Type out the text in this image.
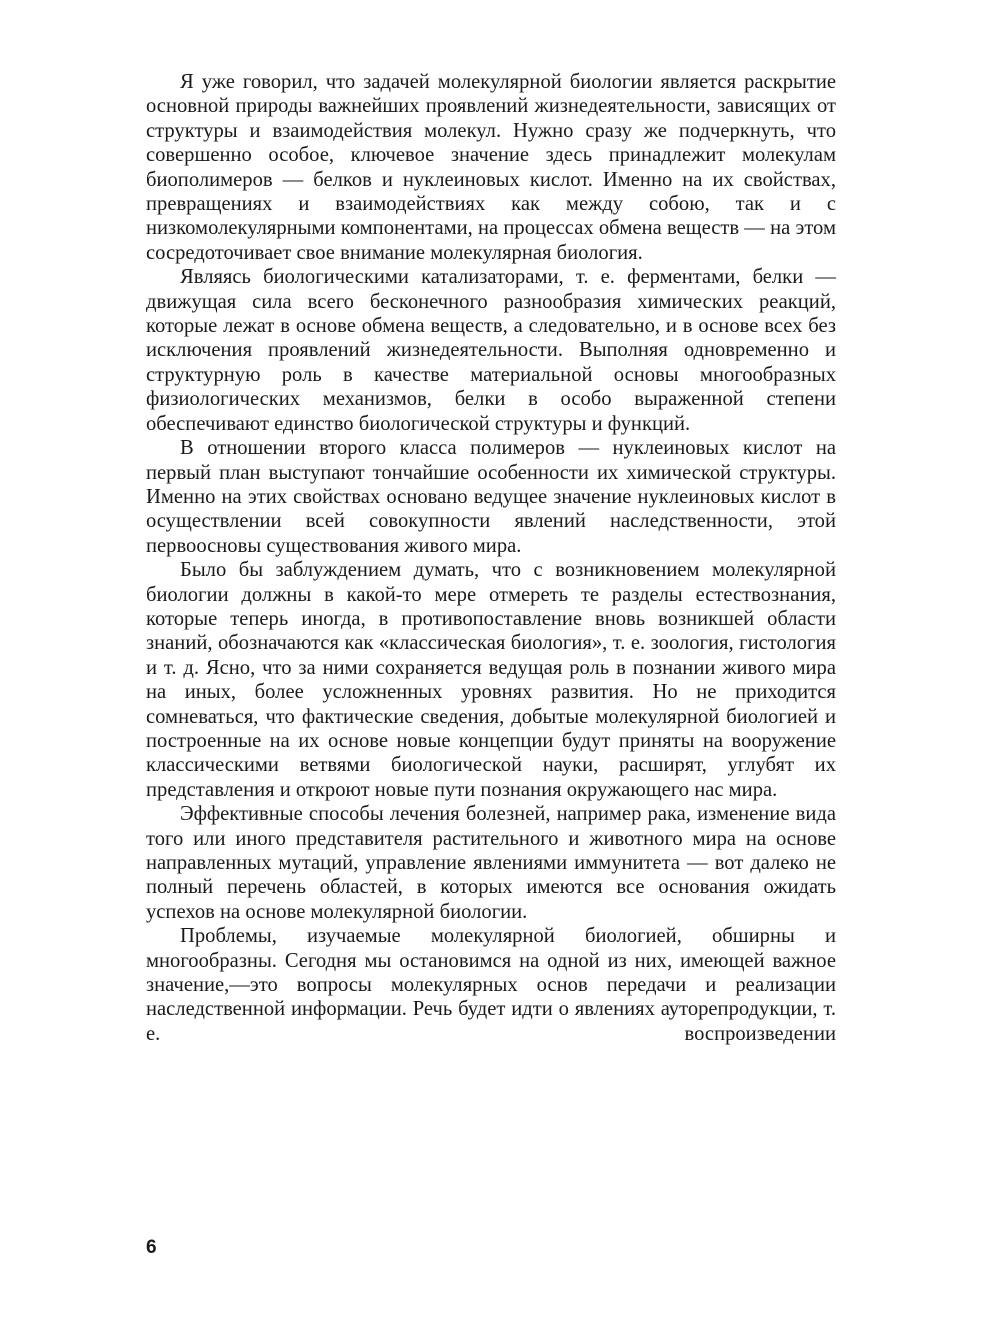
Я уже говорил, что задачей молекулярной биологии является раскрытие основной природы важнейших проявлений жизнедеятельности, зависящих от структуры и взаимодействия молекул. Нужно сразу же подчеркнуть, что совершенно особое, ключевое значение здесь принадлежит молекулам биополимеров — белков и нуклеиновых кислот. Именно на их свойствах, превращениях и взаимодействиях как между собою, так и с низкомолекулярными компонентами, на процессах обмена веществ — на этом сосредоточивает свое внимание молекулярная биология.

Являясь биологическими катализаторами, т. е. ферментами, белки — движущая сила всего бесконечного разнообразия химических реакций, которые лежат в основе обмена веществ, а следовательно, и в основе всех без исключения проявлений жизнедеятельности. Выполняя одновременно и структурную роль в качестве материальной основы многообразных физиологических механизмов, белки в особо выраженной степени обеспечивают единство биологической структуры и функций.

В отношении второго класса полимеров — нуклеиновых кислот на первый план выступают тончайшие особенности их химической структуры. Именно на этих свойствах основано ведущее значение нуклеиновых кислот в осуществлении всей совокупности явлений наследственности, этой первоосновы существования живого мира.

Было бы заблуждением думать, что с возникновением молекулярной биологии должны в какой-то мере отмереть те разделы естествознания, которые теперь иногда, в противопоставление вновь возникшей области знаний, обозначаются как «классическая биология», т. е. зоология, гистология и т. д. Ясно, что за ними сохраняется ведущая роль в познании живого мира на иных, более усложненных уровнях развития. Но не приходится сомневаться, что фактические сведения, добытые молекулярной биологией и построенные на их основе новые концепции будут приняты на вооружение классическими ветвями биологической науки, расширят, углубят их представления и откроют новые пути познания окружающего нас мира.

Эффективные способы лечения болезней, например рака, изменение вида того или иного представителя растительного и животного мира на основе направленных мутаций, управление явлениями иммунитета — вот далеко не полный перечень областей, в которых имеются все основания ожидать успехов на основе молекулярной биологии.

Проблемы, изучаемые молекулярной биологией, обширны и многообразны. Сегодня мы остановимся на одной из них, имеющей важное значение,—это вопросы молекулярных основ передачи и реализации наследственной информации. Речь будет идти о явлениях ауторепродукции, т. е. воспроизведении

6
